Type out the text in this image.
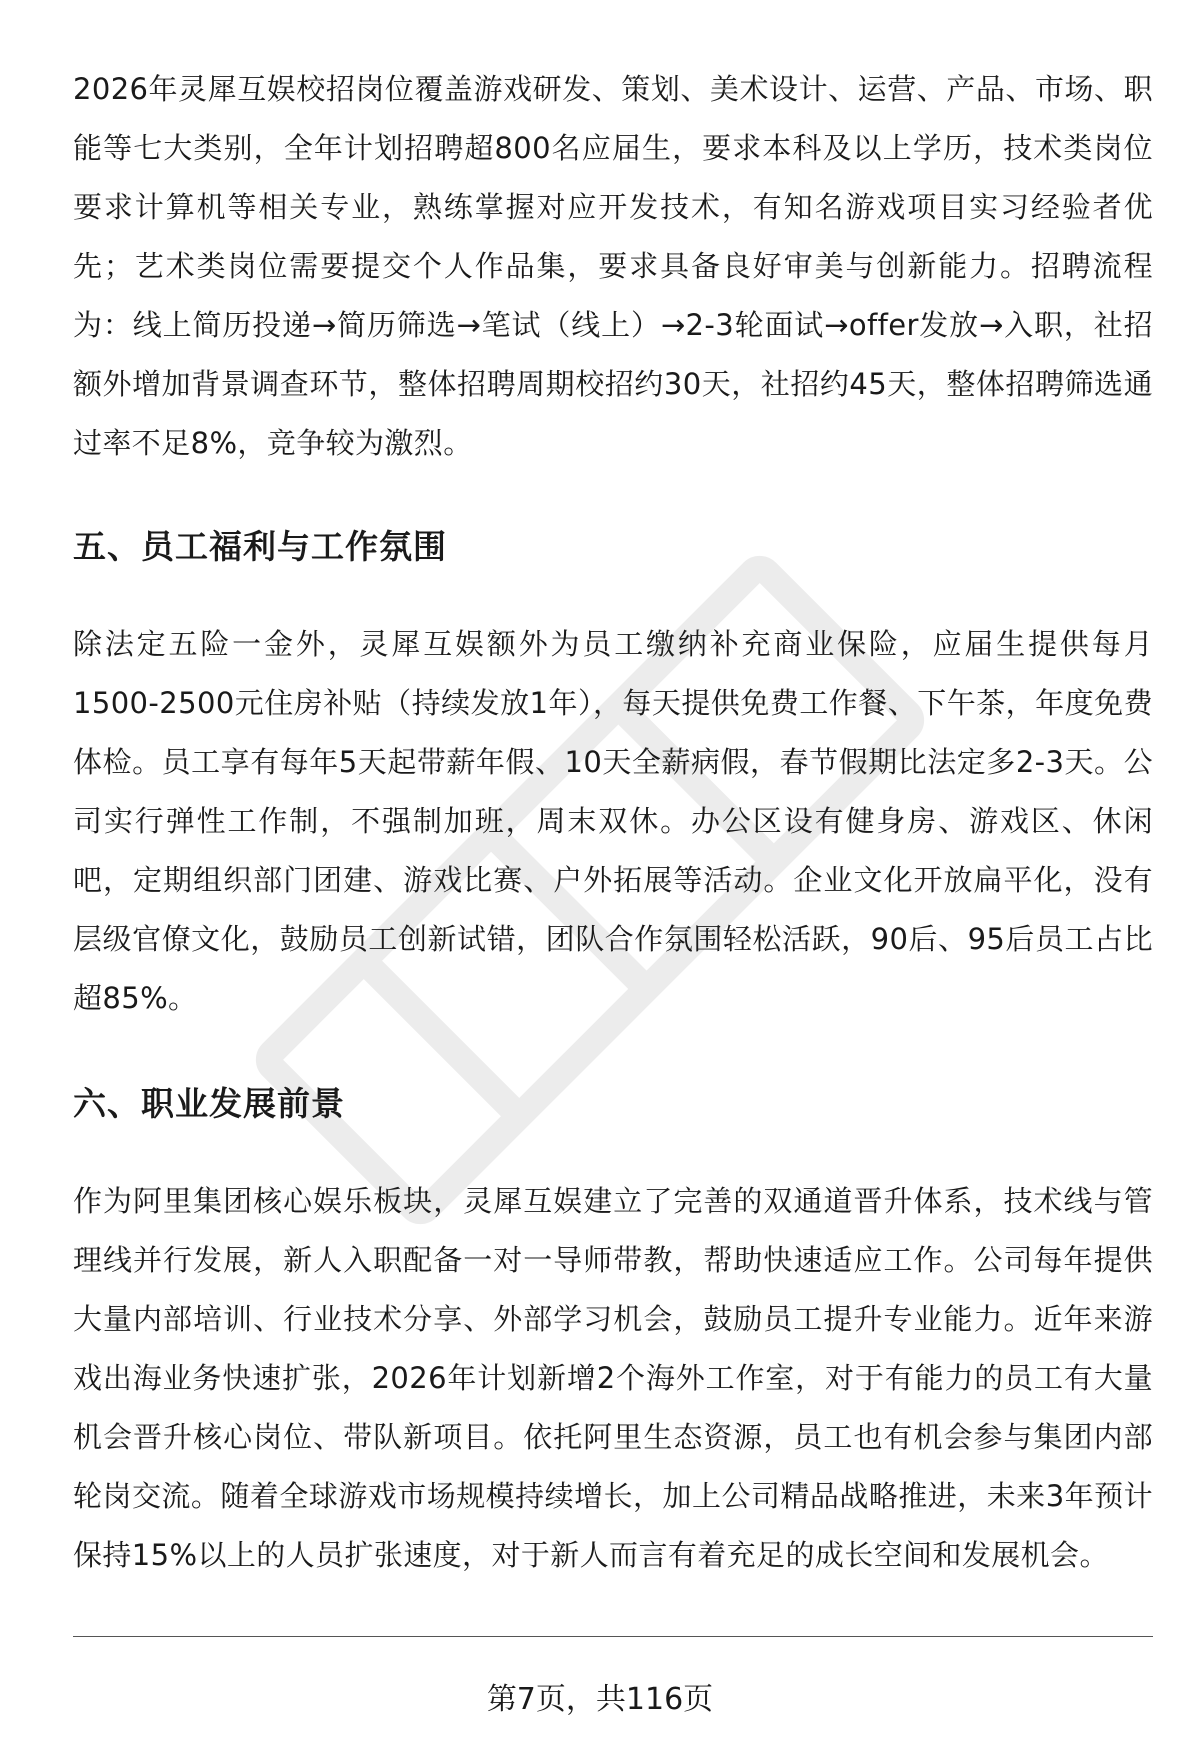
2026年灵犀互娱校招岗位覆盖游戏研发、策划、美术设计、运营、产品、市场、职能等七大类别，全年计划招聘超800名应届生，要求本科及以上学历，技术类岗位要求计算机等相关专业，熟练掌握对应开发技术，有知名游戏项目实习经验者优先；艺术类岗位需要提交个人作品集，要求具备良好审美与创新能力。招聘流程为：线上简历投递→简历筛选→笔试（线上）→2-3轮面试→offer发放→入职，社招额外增加背景调查环节，整体招聘周期校招约30天，社招约45天，整体招聘筛选通过率不足8%，竞争较为激烈。

五、员工福利与工作氛围

除法定五险一金外，灵犀互娱额外为员工缴纳补充商业保险，应届生提供每月1500-2500元住房补贴（持续发放1年），每天提供免费工作餐、下午茶，年度免费体检。员工享有每年5天起带薪年假、10天全薪病假，春节假期比法定多2-3天。公司实行弹性工作制，不强制加班，周末双休。办公区设有健身房、游戏区、休闲吧，定期组织部门团建、游戏比赛、户外拓展等活动。企业文化开放扁平化，没有层级官僚文化，鼓励员工创新试错，团队合作氛围轻松活跃，90后、95后员工占比超85%。

六、职业发展前景

作为阿里集团核心娱乐板块，灵犀互娱建立了完善的双通道晋升体系，技术线与管理线并行发展，新人入职配备一对一导师带教，帮助快速适应工作。公司每年提供大量内部培训、行业技术分享、外部学习机会，鼓励员工提升专业能力。近年来游戏出海业务快速扩张，2026年计划新增2个海外工作室，对于有能力的员工有大量机会晋升核心岗位、带队新项目。依托阿里生态资源，员工也有机会参与集团内部轮岗交流。随着全球游戏市场规模持续增长，加上公司精品战略推进，未来3年预计保持15%以上的人员扩张速度，对于新人而言有着充足的成长空间和发展机会。

第7页，共116页
